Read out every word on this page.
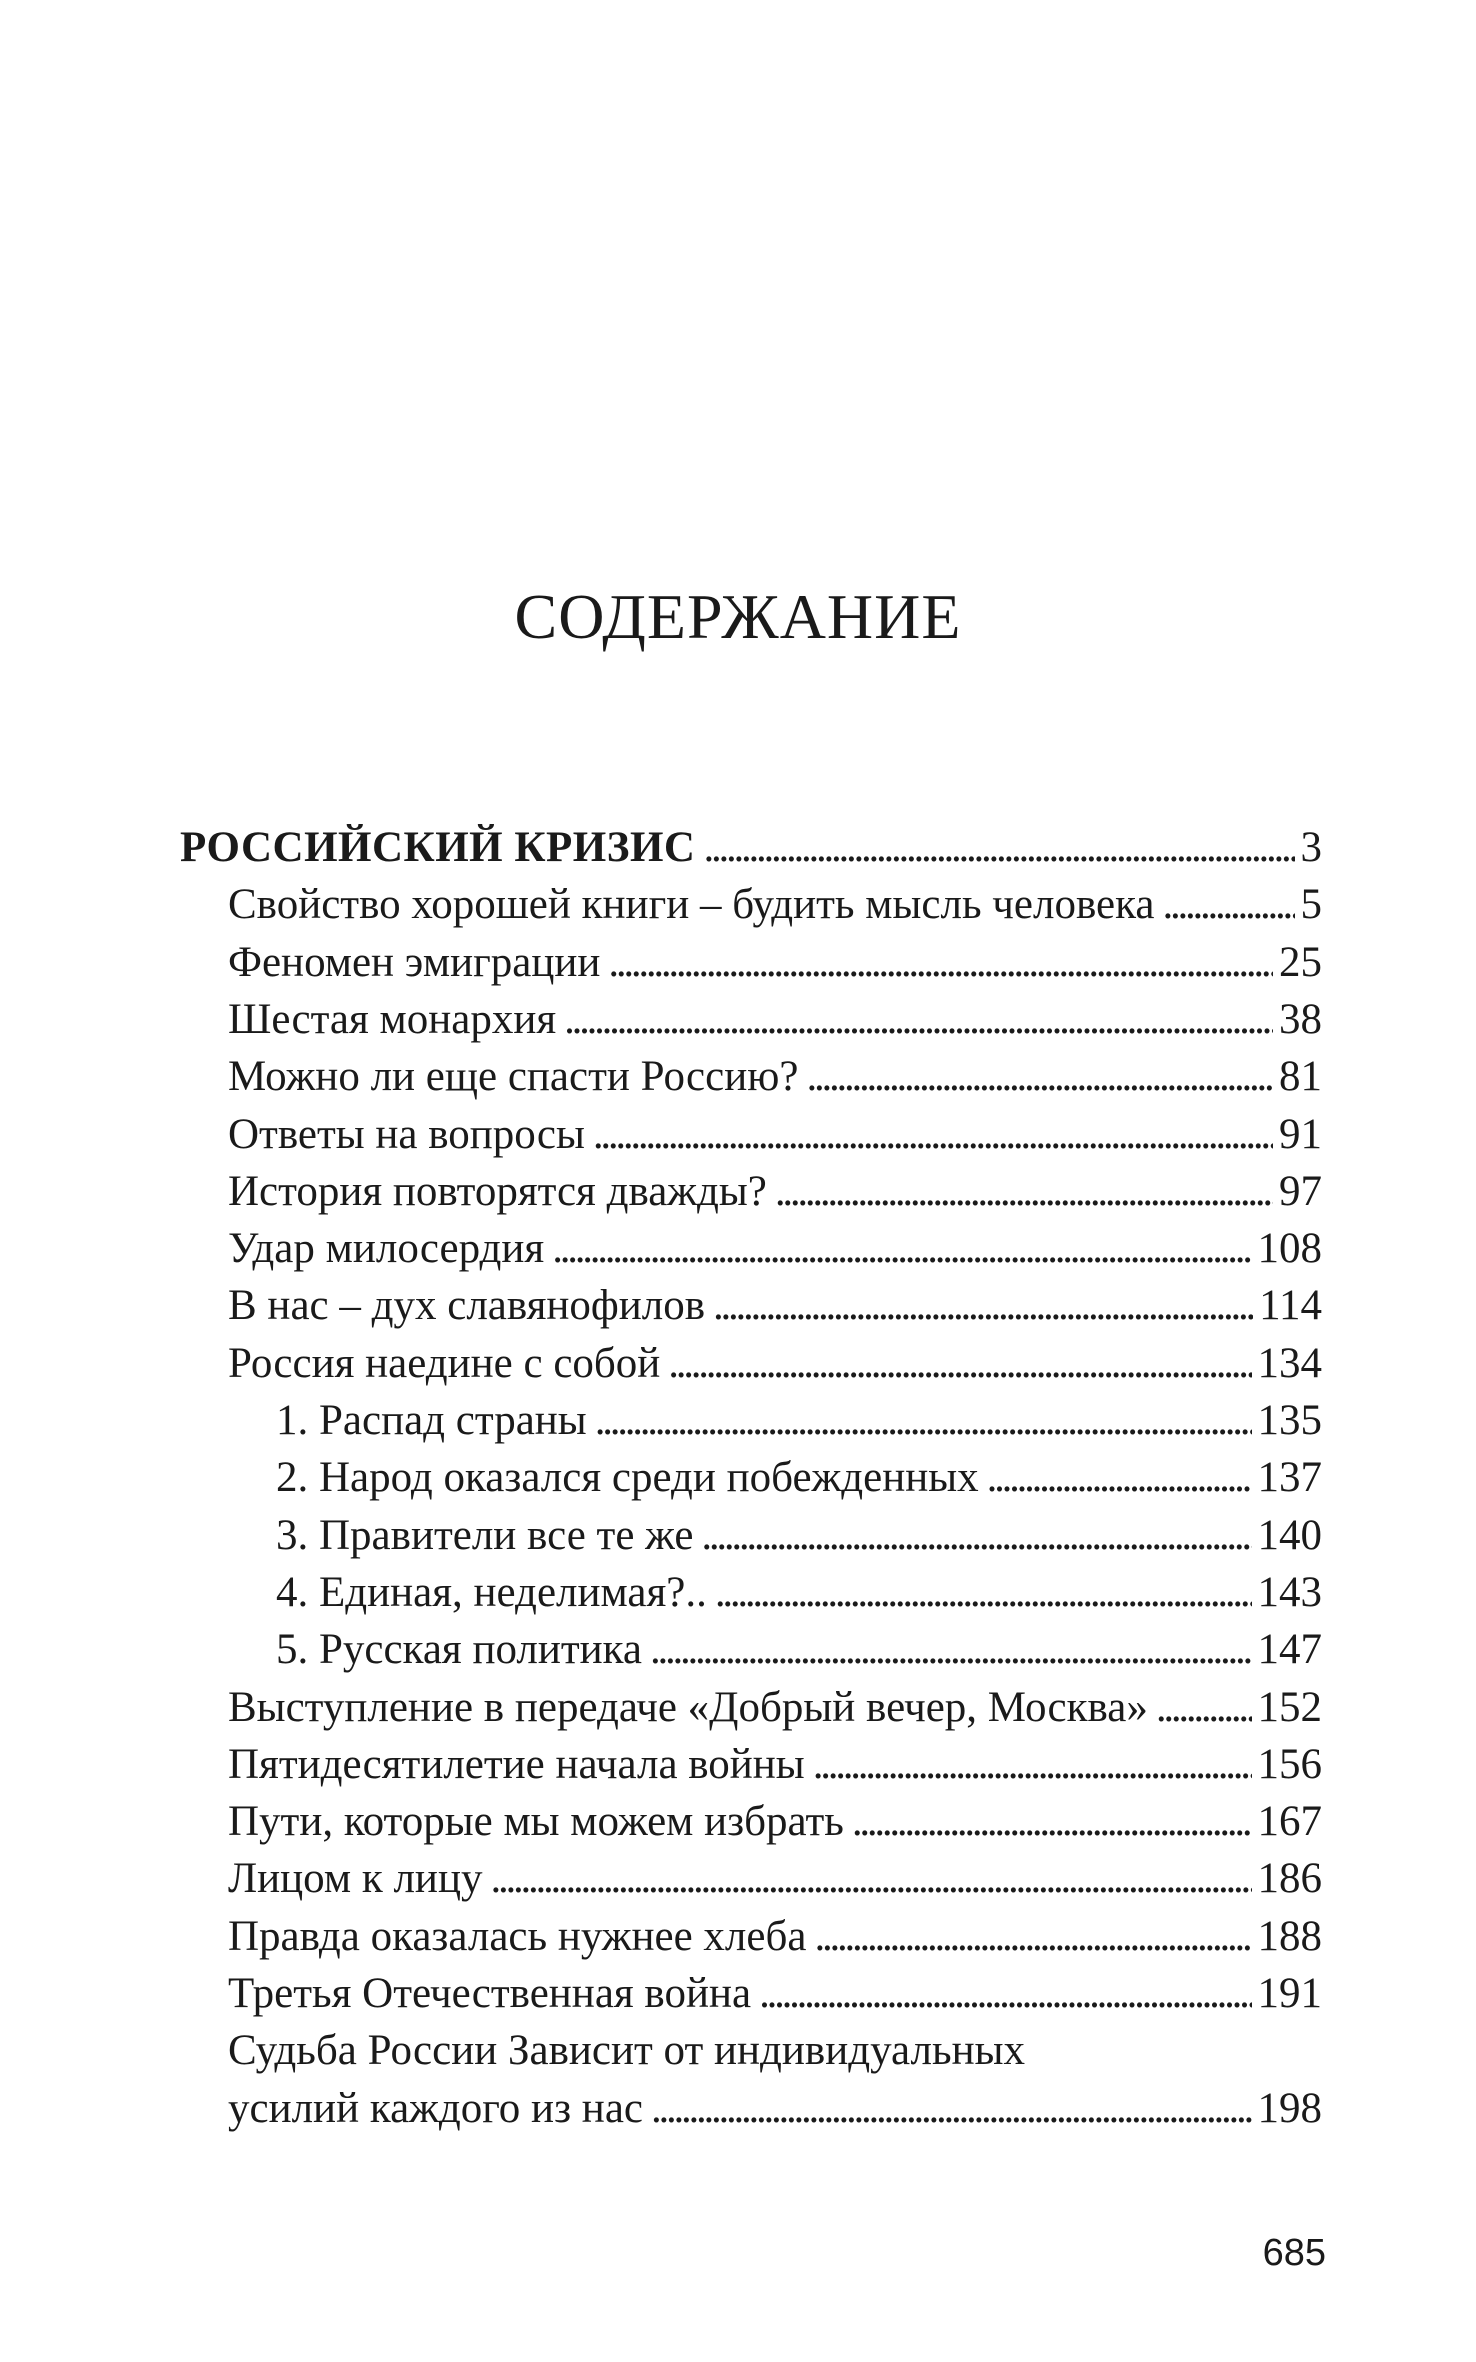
СОДЕРЖАНИЕ
РОССИЙСКИЙ КРИЗИС . . .	3
Свойство хорошей книги – будить мысль человека . . .	5
Феномен эмиграции . . .	25
Шестая монархия . . .	38
Можно ли еще спасти Россию? . . .	81
Ответы на вопросы . . .	91
История повторятся дважды? . . .	97
Удар милосердия . . .	108
В нас – дух славянофилов . . .	114
Россия наедине с собой . . .	134
1. Распад страны . . .	135
2. Народ оказался среди побежденных . . .	137
3. Правители все те же . . .	140
4. Единая, неделимая?.. . . .	143
5. Русская политика . . .	147
Выступление в передаче «Добрый вечер, Москва» . . .	152
Пятидесятилетие начала войны . . .	156
Пути, которые мы можем избрать . . .	167
Лицом к лицу . . .	186
Правда оказалась нужнее хлеба . . .	188
Третья Отечественная война . . .	191
Судьба России Зависит от индивидуальных
усилий каждого из нас . . .	198
685
